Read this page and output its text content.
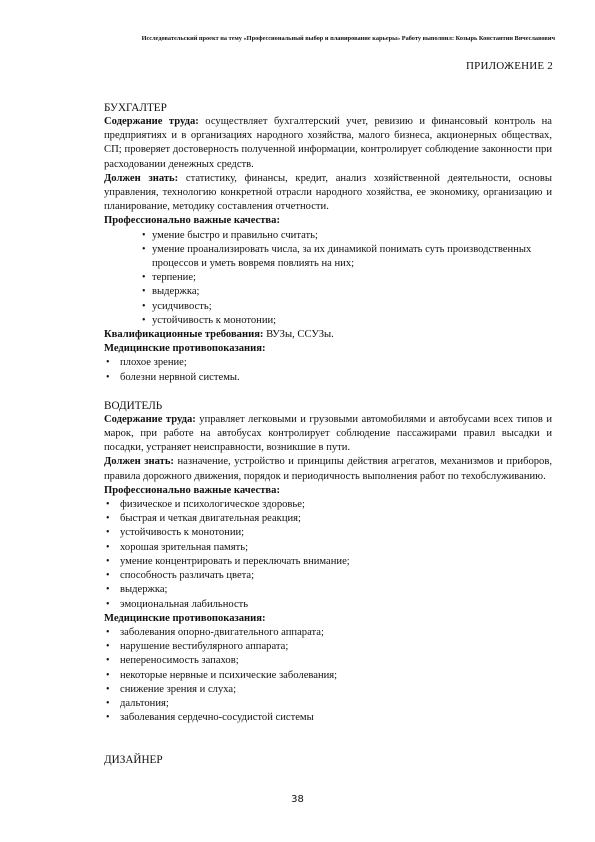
Исследовательский проект на тему «Профессиональный выбор и планирование карьеры» Работу выполнил: Козырь Константин Вячеславович
ПРИЛОЖЕНИЕ 2
БУХГАЛТЕР

Содержание труда: осуществляет бухгалтерский учет, ревизию и финансовый контроль на предприятиях и в организациях народного хозяйства, малого бизнеса, акционерных обществах, СП; проверяет достоверность полученной информации, контролирует соблюдение законности при расходовании денежных средств.

Должен знать: статистику, финансы, кредит, анализ хозяйственной деятельности, основы управления, технологию конкретной отрасли народного хозяйства, ее экономику, организацию и планирование, методику составления отчетности.

Профессионально важные качества:
• умение быстро и правильно считать;
• умение проанализировать числа, за их динамикой понимать суть производственных процессов и уметь вовремя повлиять на них;
• терпение;
• выдержка;
• усидчивость;
• устойчивость к монотонии;
Квалификационные требования: ВУЗы, ССУЗы.
Медицинские противопоказания:
• плохое зрение;
• болезни нервной системы.
ВОДИТЕЛЬ

Содержание труда: управляет легковыми и грузовыми автомобилями и автобусами всех типов и марок, при работе на автобусах контролирует соблюдение пассажирами правил высадки и посадки, устраняет неисправности, возникшие в пути.

Должен знать: назначение, устройство и принципы действия агрегатов, механизмов и приборов, правила дорожного движения, порядок и периодичность выполнения работ по техобслуживанию.

Профессионально важные качества:
• физическое и психологическое здоровье;
• быстрая и четкая двигательная реакция;
• устойчивость к монотонии;
• хорошая зрительная память;
• умение концентрировать и переключать внимание;
• способность различать цвета;
• выдержка;
• эмоциональная лабильность
Медицинские противопоказания:
• заболевания опорно-двигательного аппарата;
• нарушение вестибулярного аппарата;
• непереносимость запахов;
• некоторые нервные и психические заболевания;
• снижение зрения и слуха;
• дальтония;
• заболевания сердечно-сосудистой системы
ДИЗАЙНЕР
38
